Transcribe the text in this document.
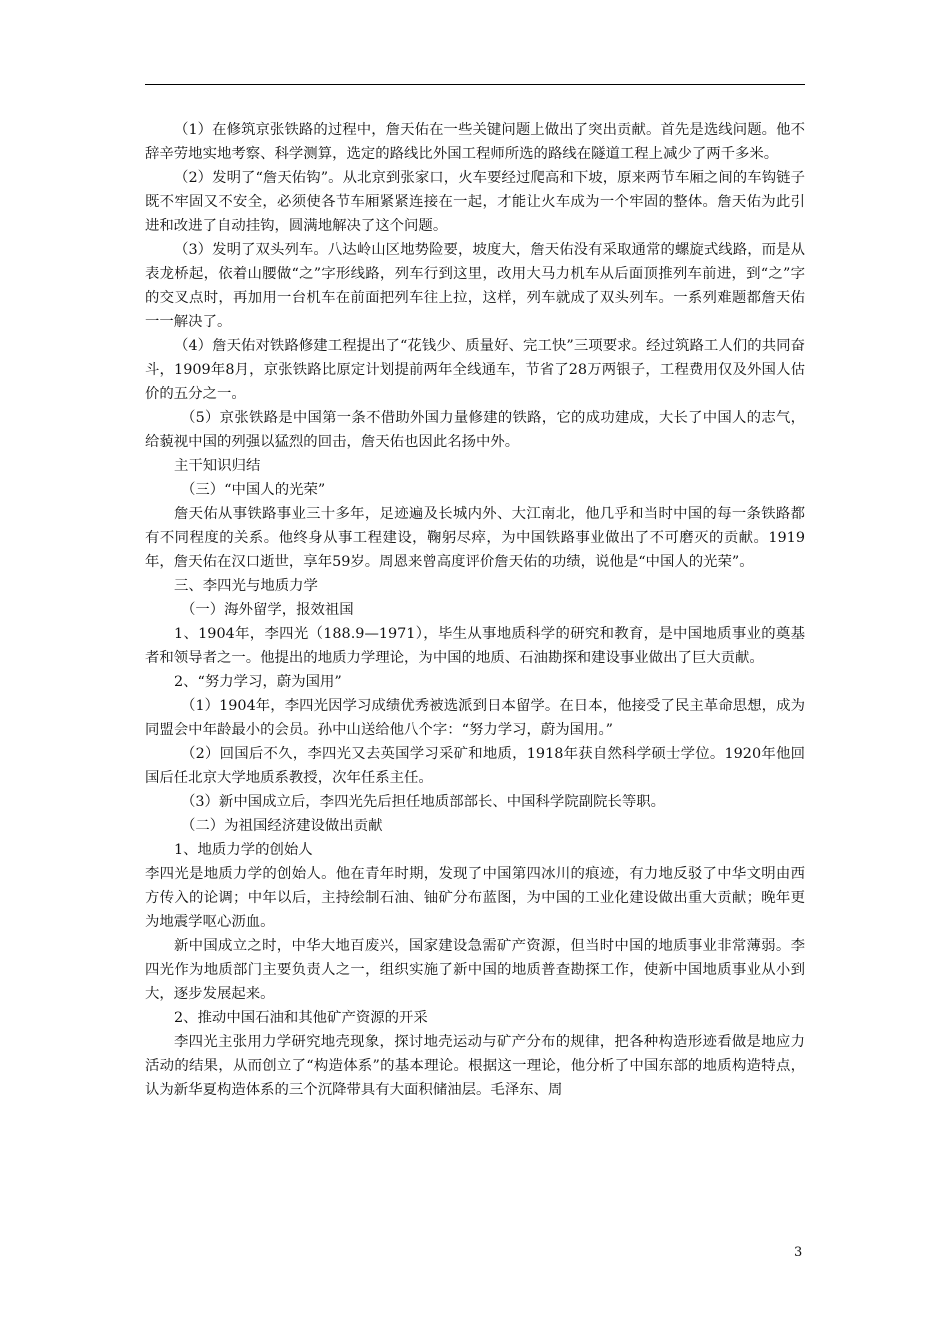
（1）在修筑京张铁路的过程中，詹天佑在一些关键问题上做出了突出贡献。首先是选线问题。他不辞辛劳地实地考察、科学测算，选定的路线比外国工程师所选的路线在隧道工程上减少了两千多米。

（2）发明了“詹天佑钩”。从北京到张家口，火车要经过爬高和下坡，原来两节车厢之间的车钩链子既不牢固又不安全，必须使各节车厢紧紧连接在一起，才能让火车成为一个牢固的整体。詹天佑为此引进和改进了自动挂钩，圆满地解决了这个问题。

（3）发明了双头列车。八达岭山区地势险要，坡度大，詹天佑没有采取通常的螺旋式线路，而是从表龙桥起，依着山腰做“之”字形线路，列车行到这里，改用大马力机车从后面顶推列车前进，到“之”字的交叉点时，再加用一台机车在前面把列车往上拉，这样，列车就成了双头列车。一系列难题都詹天佑一一解决了。

（4）詹天佑对铁路修建工程提出了“花钱少、质量好、完工快”三项要求。经过筑路工人们的共同奋斗，1909年8月，京张铁路比原定计划提前两年全线通车，节省了28万两银子，工程费用仅及外国人估价的五分之一。

（5）京张铁路是中国第一条不借助外国力量修建的铁路，它的成功建成，大长了中国人的志气，给藐视中国的列强以猛烈的回击，詹天佑也因此名扬中外。

主干知识归结

（三）“中国人的光荣”

詹天佑从事铁路事业三十多年，足迹遍及长城内外、大江南北，他几乎和当时中国的每一条铁路都有不同程度的关系。他终身从事工程建设，鞠躬尽瘁，为中国铁路事业做出了不可磨灭的贡献。1919年，詹天佑在汉口逝世，享年59岁。周恩来曾高度评价詹天佑的功绩，说他是“中国人的光荣”。

三、李四光与地质力学

（一）海外留学，报效祖国

1、1904年，李四光（188.9—1971），毕生从事地质科学的研究和教育，是中国地质事业的奠基者和领导者之一。他提出的地质力学理论，为中国的地质、石油勘探和建设事业做出了巨大贡献。

2、“努力学习，蔚为国用”

（1）1904年，李四光因学习成绩优秀被选派到日本留学。在日本，他接受了民主革命思想，成为同盟会中年龄最小的会员。孙中山送给他八个字：“努力学习，蔚为国用。”

（2）回国后不久，李四光又去英国学习采矿和地质，1918年获自然科学硕士学位。1920年他回国后任北京大学地质系教授，次年任系主任。

（3）新中国成立后，李四光先后担任地质部部长、中国科学院副院长等职。

（二）为祖国经济建设做出贡献

1、地质力学的创始人

李四光是地质力学的创始人。他在青年时期，发现了中国第四冰川的痕迹，有力地反驳了中华文明由西方传入的论调；中年以后，主持绘制石油、铀矿分布蓝图，为中国的工业化建设做出重大贡献；晚年更为地震学呕心沥血。

新中国成立之时，中华大地百废兴，国家建设急需矿产资源，但当时中国的地质事业非常薄弱。李四光作为地质部门主要负责人之一，组织实施了新中国的地质普查勘探工作，使新中国地质事业从小到大，逐步发展起来。

2、推动中国石油和其他矿产资源的开采

李四光主张用力学研究地壳现象，探讨地壳运动与矿产分布的规律，把各种构造形迹看做是地应力活动的结果，从而创立了“构造体系”的基本理论。根据这一理论，他分析了中国东部的地质构造特点，认为新华夏构造体系的三个沉降带具有大面积储油层。毛泽东、周

3
